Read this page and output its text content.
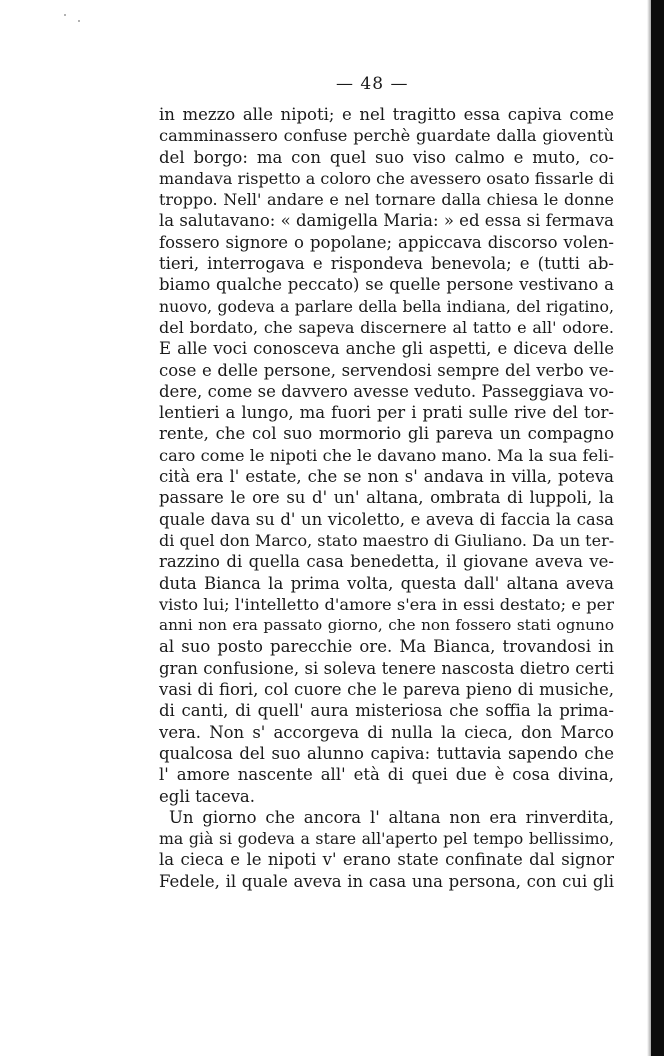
— 48 —
in mezzo alle nipoti; e nel tragitto essa capiva come
camminassero confuse perchè guardate dalla gioventù
del borgo: ma con quel suo viso calmo e muto, co-
mandava rispetto a coloro che avessero osato fissarle di
troppo. Nell' andare e nel tornare dalla chiesa le donne
la salutavano: « damigella Maria: » ed essa si fermava
fossero signore o popolane; appiccava discorso volen-
tieri, interrogava e rispondeva benevola; e (tutti ab-
biamo qualche peccato) se quelle persone vestivano a
nuovo, godeva a parlare della bella indiana, del rigatino,
del bordato, che sapeva discernere al tatto e all' odore.
E alle voci conosceva anche gli aspetti, e diceva delle
cose e delle persone, servendosi sempre del verbo ve-
dere, come se davvero avesse veduto. Passeggiava vo-
lentieri a lungo, ma fuori per i prati sulle rive del tor-
rente, che col suo mormorio gli pareva un compagno
caro come le nipoti che le davano mano. Ma la sua feli-
cità era l' estate, che se non s' andava in villa, poteva
passare le ore su d' un' altana, ombrata di luppoli, la
quale dava su d' un vicoletto, e aveva di faccia la casa
di quel don Marco, stato maestro di Giuliano. Da un ter-
razzino di quella casa benedetta, il giovane aveva ve-
duta Bianca la prima volta, questa dall' altana aveva
visto lui; l'intelletto d'amore s'era in essi destato; e per
anni non era passato giorno, che non fossero stati ognuno
al suo posto parecchie ore. Ma Bianca, trovandosi in
gran confusione, si soleva tenere nascosta dietro certi
vasi di fiori, col cuore che le pareva pieno di musiche,
di canti, di quell' aura misteriosa che soffia la prima-
vera. Non s' accorgeva di nulla la cieca, don Marco
qualcosa del suo alunno capiva: tuttavia sapendo che
l' amore nascente all' età di quei due è cosa divina,
egli taceva.
Un giorno che ancora l' altana non era rinverdita,
ma già si godeva a stare all'aperto pel tempo bellissimo,
la cieca e le nipoti v' erano state confinate dal signor
Fedele, il quale aveva in casa una persona, con cui gli
